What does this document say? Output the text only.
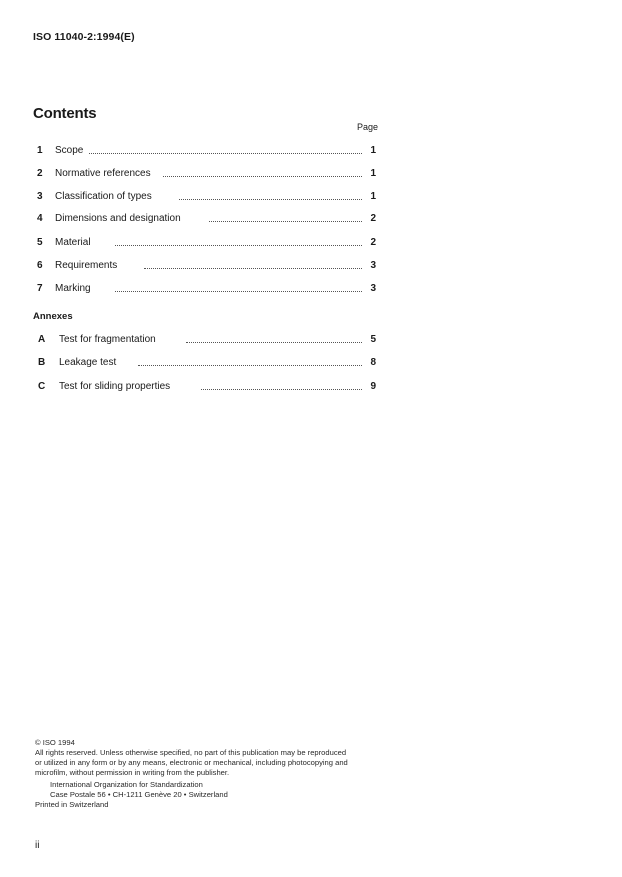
ISO 11040-2:1994(E)
Contents
Page
1 Scope	1
2 Normative references	1
3 Classification of types	1
4 Dimensions and designation	2
5 Material	2
6 Requirements	3
7 Marking	3
Annexes
A Test for fragmentation	5
B Leakage test	8
C Test for sliding properties	9
© ISO 1994
All rights reserved. Unless otherwise specified, no part of this publication may be reproduced
or utilized in any form or by any means, electronic or mechanical, including photocopying and
microfilm, without permission in writing from the publisher.
International Organization for Standardization
Case Postale 56 • CH-1211 Genève 20 • Switzerland
Printed in Switzerland
ii
